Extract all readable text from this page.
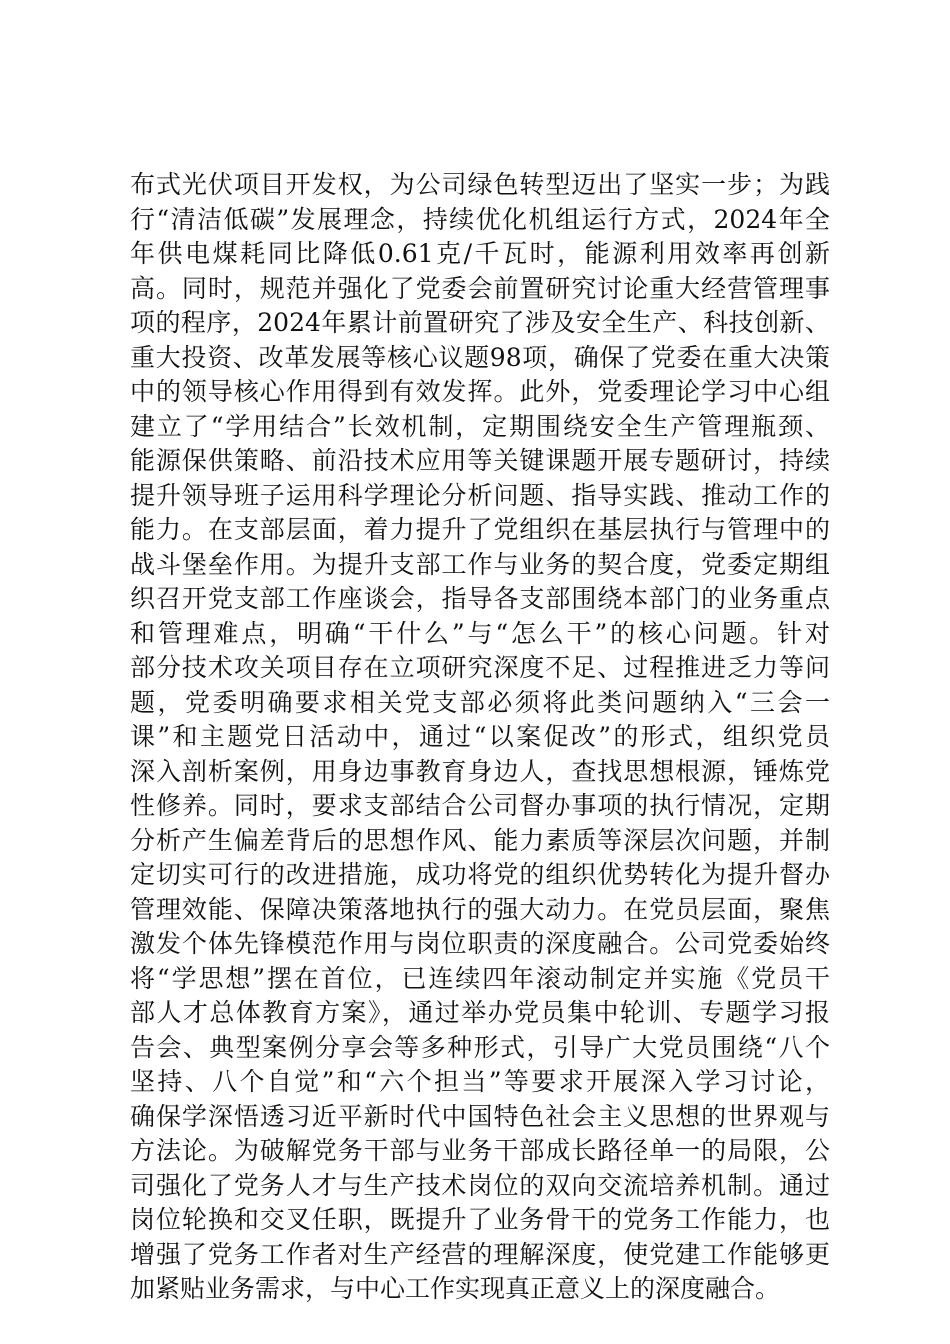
布式光伏项目开发权，为公司绿色转型迈出了坚实一步；为践
行“清洁低碳”发展理念，持续优化机组运行方式，2024年全
年供电煤耗同比降低0.61克/千瓦时，能源利用效率再创新
高。同时，规范并强化了党委会前置研究讨论重大经营管理事
项的程序，2024年累计前置研究了涉及安全生产、科技创新、
重大投资、改革发展等核心议题98项，确保了党委在重大决策
中的领导核心作用得到有效发挥。此外，党委理论学习中心组
建立了“学用结合”长效机制，定期围绕安全生产管理瓶颈、
能源保供策略、前沿技术应用等关键课题开展专题研讨，持续
提升领导班子运用科学理论分析问题、指导实践、推动工作的
能力。在支部层面，着力提升了党组织在基层执行与管理中的
战斗堡垒作用。为提升支部工作与业务的契合度，党委定期组
织召开党支部工作座谈会，指导各支部围绕本部门的业务重点
和管理难点，明确“干什么”与“怎么干”的核心问题。针对
部分技术攻关项目存在立项研究深度不足、过程推进乏力等问
题，党委明确要求相关党支部必须将此类问题纳入“三会一
课”和主题党日活动中，通过“以案促改”的形式，组织党员
深入剖析案例，用身边事教育身边人，查找思想根源，锤炼党
性修养。同时，要求支部结合公司督办事项的执行情况，定期
分析产生偏差背后的思想作风、能力素质等深层次问题，并制
定切实可行的改进措施，成功将党的组织优势转化为提升督办
管理效能、保障决策落地执行的强大动力。在党员层面，聚焦
激发个体先锋模范作用与岗位职责的深度融合。公司党委始终
将“学思想”摆在首位，已连续四年滚动制定并实施《党员干
部人才总体教育方案》，通过举办党员集中轮训、专题学习报
告会、典型案例分享会等多种形式，引导广大党员围绕“八个
坚持、八个自觉”和“六个担当”等要求开展深入学习讨论，
确保学深悟透习近平新时代中国特色社会主义思想的世界观与
方法论。为破解党务干部与业务干部成长路径单一的局限，公
司强化了党务人才与生产技术岗位的双向交流培养机制。通过
岗位轮换和交叉任职，既提升了业务骨干的党务工作能力，也
增强了党务工作者对生产经营的理解深度，使党建工作能够更
加紧贴业务需求，与中心工作实现真正意义上的深度融合。
